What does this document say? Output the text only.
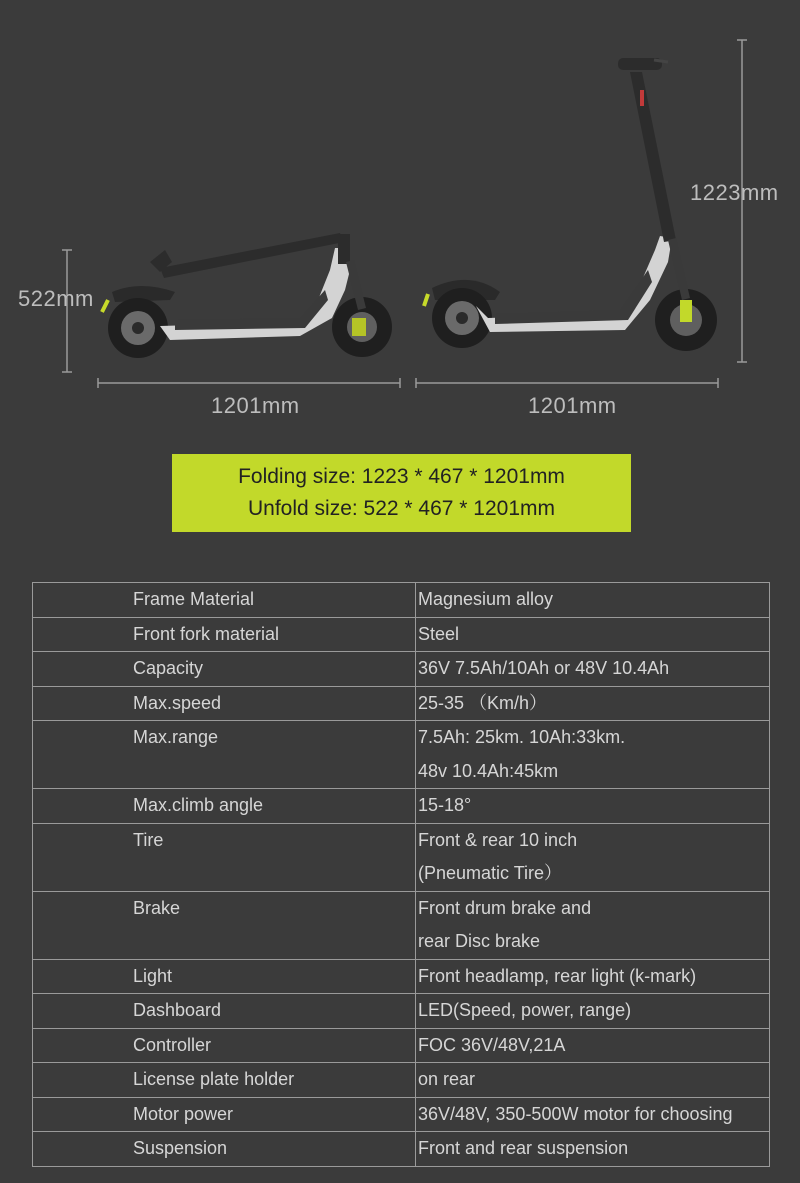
522mm
1201mm	1201mm
1223mm
Folding size: 1223 * 467 * 1201mm
Unfold size: 522 * 467 * 1201mm
Frame Material	Magnesium alloy

Front fork material	Steel

Capacity	36V 7.5Ah/10Ah or 48V 10.4Ah

Max.speed	25-35 （Km/h）

Max.range	7.5Ah: 25km. 10Ah:33km.
48v 10.4Ah:45km

Max.climb angle	15-18°

Tire	Front & rear 10 inch
(Pneumatic Tire）

Brake	Front drum brake and
rear Disc brake

Light	Front headlamp, rear light (k-mark)

Dashboard	LED(Speed, power, range)

Controller	FOC 36V/48V,21A

License plate holder	on rear

Motor power	36V/48V, 350-500W motor for choosing

Suspension	Front and rear suspension
